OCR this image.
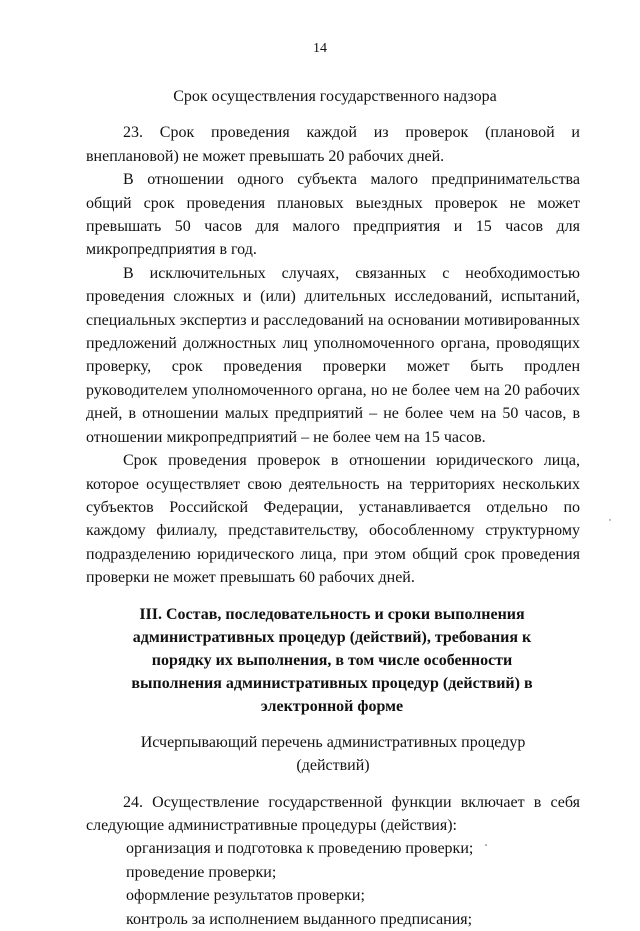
14
Срок осуществления государственного надзора

23. Срок проведения каждой из проверок (плановой и внеплановой) не может превышать 20 рабочих дней.

В отношении одного субъекта малого предпринимательства общий срок проведения плановых выездных проверок не может превышать 50 часов для малого предприятия и 15 часов для микропредприятия в год.

В исключительных случаях, связанных с необходимостью проведения сложных и (или) длительных исследований, испытаний, специальных экспертиз и расследований на основании мотивированных предложений должностных лиц уполномоченного органа, проводящих проверку, срок проведения проверки может быть продлен руководителем уполномоченного органа, но не более чем на 20 рабочих дней, в отношении малых предприятий – не более чем на 50 часов, в отношении микропредприятий – не более чем на 15 часов.

Срок проведения проверок в отношении юридического лица, которое осуществляет свою деятельность на территориях нескольких субъектов Российской Федерации, устанавливается отдельно по каждому филиалу, представительству, обособленному структурному подразделению юридического лица, при этом общий срок проведения проверки не может превышать 60 рабочих дней.

III. Состав, последовательность и сроки выполнения административных процедур (действий), требования к порядку их выполнения, в том числе особенности выполнения административных процедур (действий) в электронной форме
Исчерпывающий перечень административных процедур (действий)

24. Осуществление государственной функции включает в себя следующие административные процедуры (действия):

организация и подготовка к проведению проверки;

проведение проверки;

оформление результатов проверки;

контроль за исполнением выданного предписания;
